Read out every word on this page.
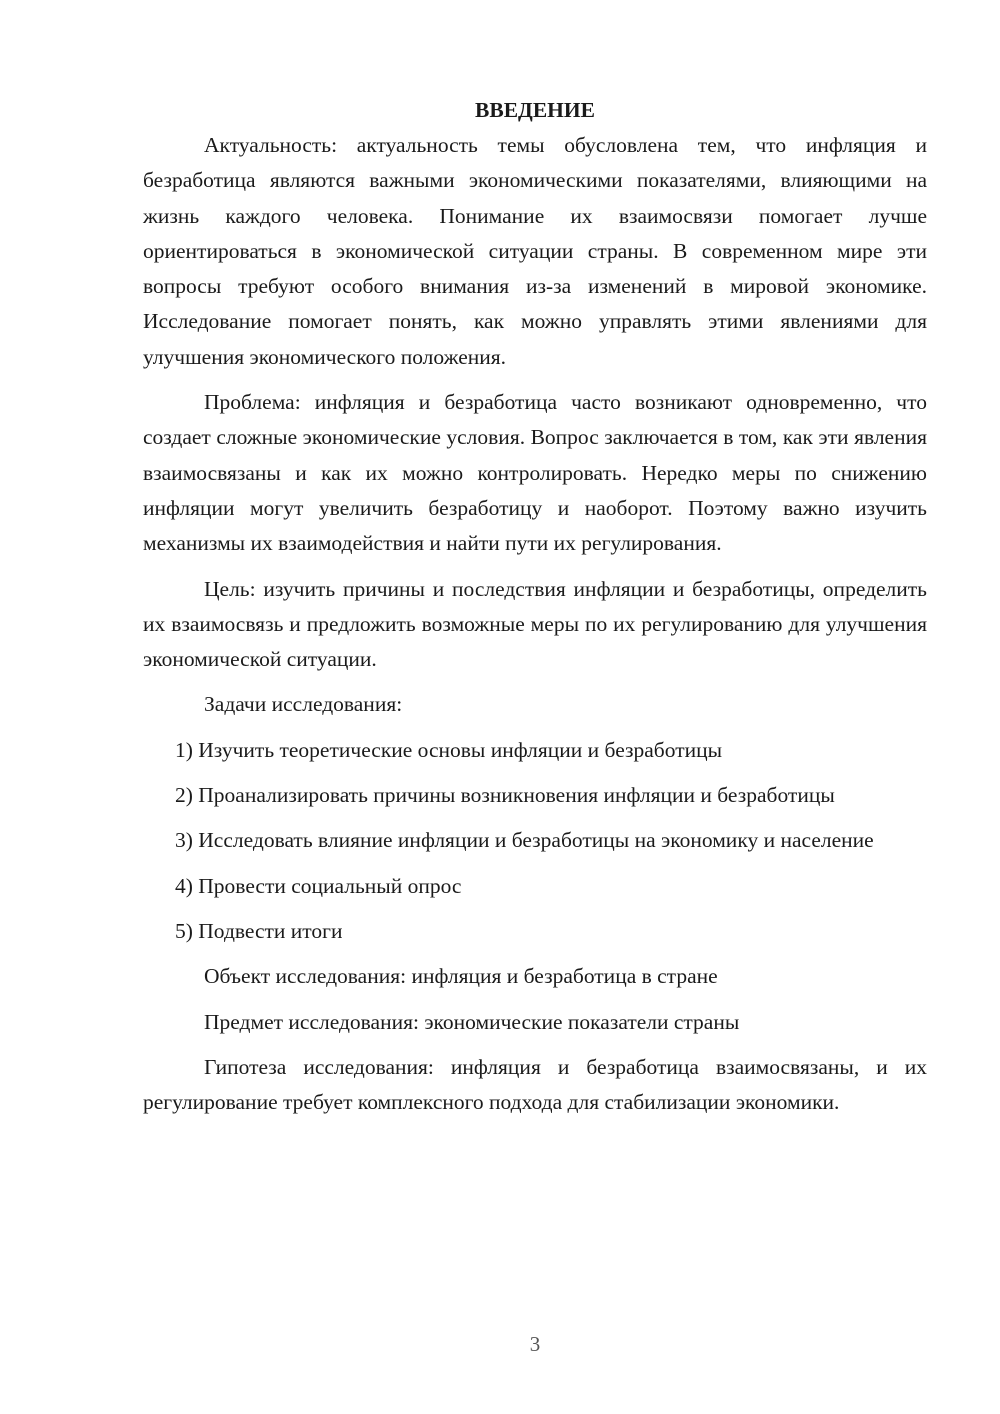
ВВЕДЕНИЕ

Актуальность: актуальность темы обусловлена тем, что инфляция и безработица являются важными экономическими показателями, влияющими на жизнь каждого человека. Понимание их взаимосвязи помогает лучше ориентироваться в экономической ситуации страны. В современном мире эти вопросы требуют особого внимания из-за изменений в мировой экономике. Исследование помогает понять, как можно управлять этими явлениями для улучшения экономического положения.

Проблема: инфляция и безработица часто возникают одновременно, что создает сложные экономические условия. Вопрос заключается в том, как эти явления взаимосвязаны и как их можно контролировать. Нередко меры по снижению инфляции могут увеличить безработицу и наоборот. Поэтому важно изучить механизмы их взаимодействия и найти пути их регулирования.

Цель: изучить причины и последствия инфляции и безработицы, определить их взаимосвязь и предложить возможные меры по их регулированию для улучшения экономической ситуации.

Задачи исследования:

1) Изучить теоретические основы инфляции и безработицы

2) Проанализировать причины возникновения инфляции и безработицы

3) Исследовать влияние инфляции и безработицы на экономику и население

4) Провести социальный опрос

5) Подвести итоги

Объект исследования: инфляция и безработица в стране

Предмет исследования: экономические показатели страны

Гипотеза исследования: инфляция и безработица взаимосвязаны, и их регулирование требует комплексного подхода для стабилизации экономики.

3
